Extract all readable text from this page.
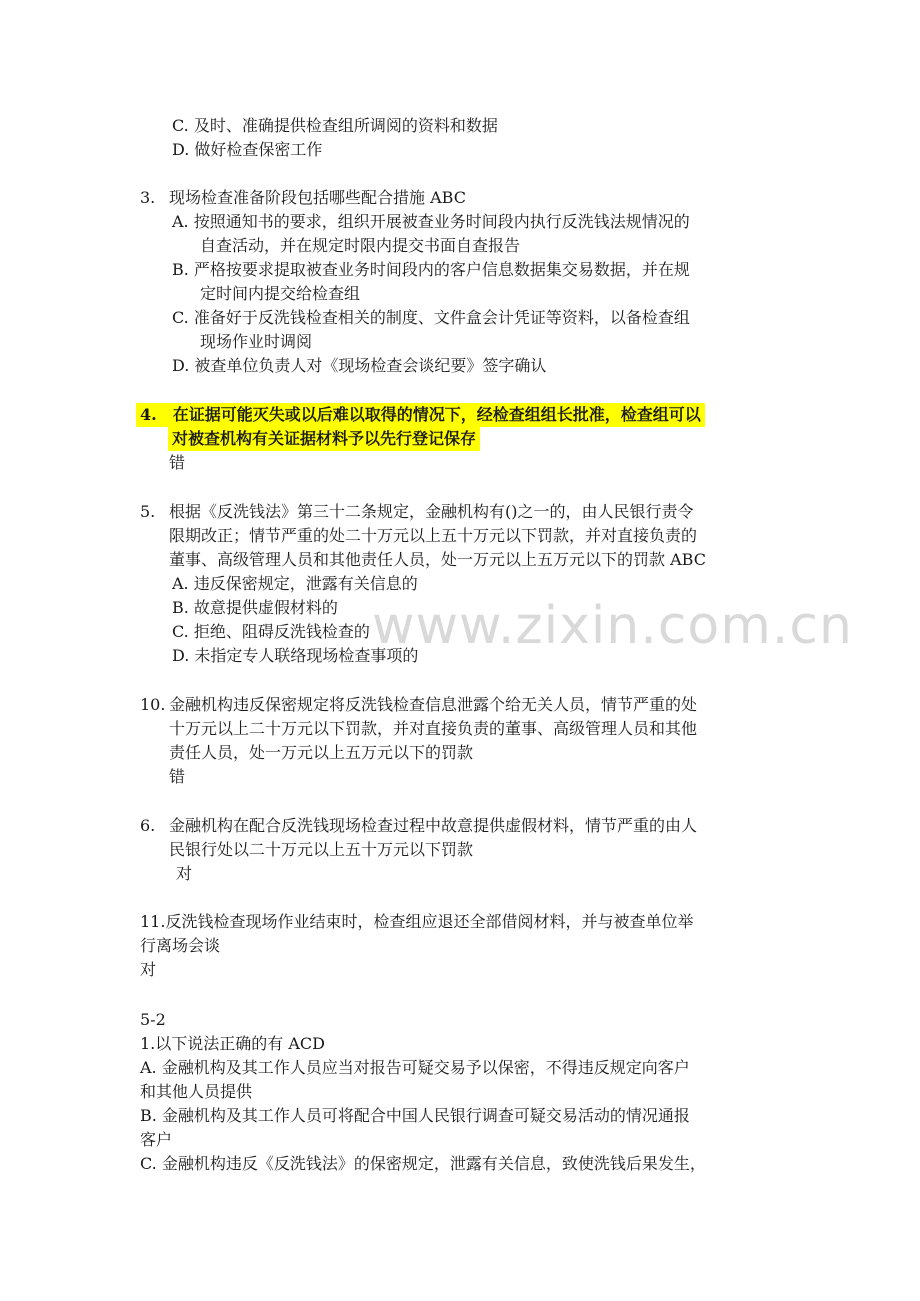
www.zixin.com.cn
C. 及时、准确提供检查组所调阅的资料和数据
D. 做好检查保密工作
3. 现场检查准备阶段包括哪些配合措施 ABC
A. 按照通知书的要求，组织开展被查业务时间段内执行反洗钱法规情况的
自查活动，并在规定时限内提交书面自查报告
B. 严格按要求提取被查业务时间段内的客户信息数据集交易数据，并在规
定时间内提交给检查组
C. 准备好于反洗钱检查相关的制度、文件盒会计凭证等资料，以备检查组
现场作业时调阅
D. 被查单位负责人对《现场检查会谈纪要》签字确认
4.  在证据可能灭失或以后难以取得的情况下，经检查组组长批准，检查组可以
对被查机构有关证据材料予以先行登记保存
错
5. 根据《反洗钱法》第三十二条规定，金融机构有()之一的，由人民银行责令
限期改正；情节严重的处二十万元以上五十万元以下罚款，并对直接负责的
董事、高级管理人员和其他责任人员，处一万元以上五万元以下的罚款 ABC
A. 违反保密规定，泄露有关信息的
B. 故意提供虚假材料的
C. 拒绝、阻碍反洗钱检查的
D. 未指定专人联络现场检查事项的
10. 金融机构违反保密规定将反洗钱检查信息泄露个给无关人员，情节严重的处
十万元以上二十万元以下罚款，并对直接负责的董事、高级管理人员和其他
责任人员，处一万元以上五万元以下的罚款
错
6. 金融机构在配合反洗钱现场检查过程中故意提供虚假材料，情节严重的由人
民银行处以二十万元以上五十万元以下罚款
对
11.反洗钱检查现场作业结束时，检查组应退还全部借阅材料，并与被查单位举
行离场会谈
对
5-2
1.以下说法正确的有 ACD
A. 金融机构及其工作人员应当对报告可疑交易予以保密，不得违反规定向客户
和其他人员提供
B. 金融机构及其工作人员可将配合中国人民银行调查可疑交易活动的情况通报
客户
C. 金融机构违反《反洗钱法》的保密规定，泄露有关信息，致使洗钱后果发生，
